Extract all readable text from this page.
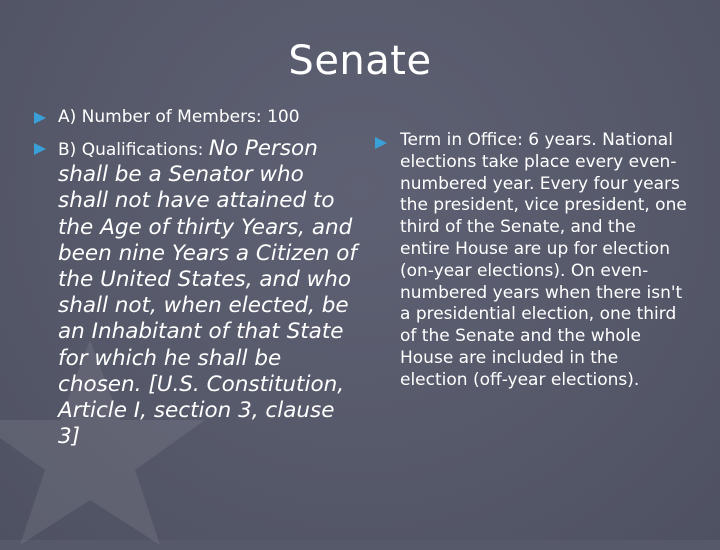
Senate
A) Number of Members: 100
B) Qualifications: No Person shall be a Senator who shall not have attained to the Age of thirty Years, and been nine Years a Citizen of the United States, and who shall not, when elected, be an Inhabitant of that State for which he shall be chosen. [U.S. Constitution, Article I, section 3, clause 3]
Term in Office: 6 years. National elections take place every even-numbered year. Every four years the president, vice president, one third of the Senate, and the entire House are up for election (on-year elections). On even-numbered years when there isn't a presidential election, one third of the Senate and the whole House are included in the election (off-year elections).
